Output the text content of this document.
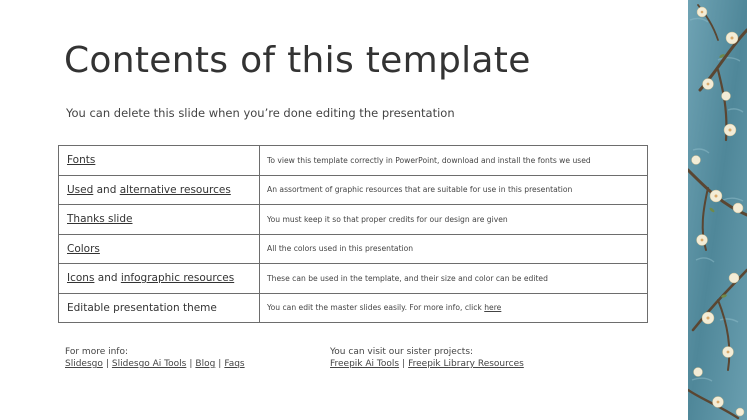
Contents of this template
You can delete this slide when you’re done editing the presentation
Fonts	To view this template correctly in PowerPoint, download and install the fonts we used
Used and alternative resources	An assortment of graphic resources that are suitable for use in this presentation
Thanks slide	You must keep it so that proper credits for our design are given
Colors	All the colors used in this presentation
Icons and infographic resources	These can be used in the template, and their size and color can be edited
Editable presentation theme	You can edit the master slides easily. For more info, click here
For more info:
Slidesgo | Slidesgo Ai Tools | Blog | Faqs
You can visit our sister projects:
Freepik Ai Tools | Freepik Library Resources
